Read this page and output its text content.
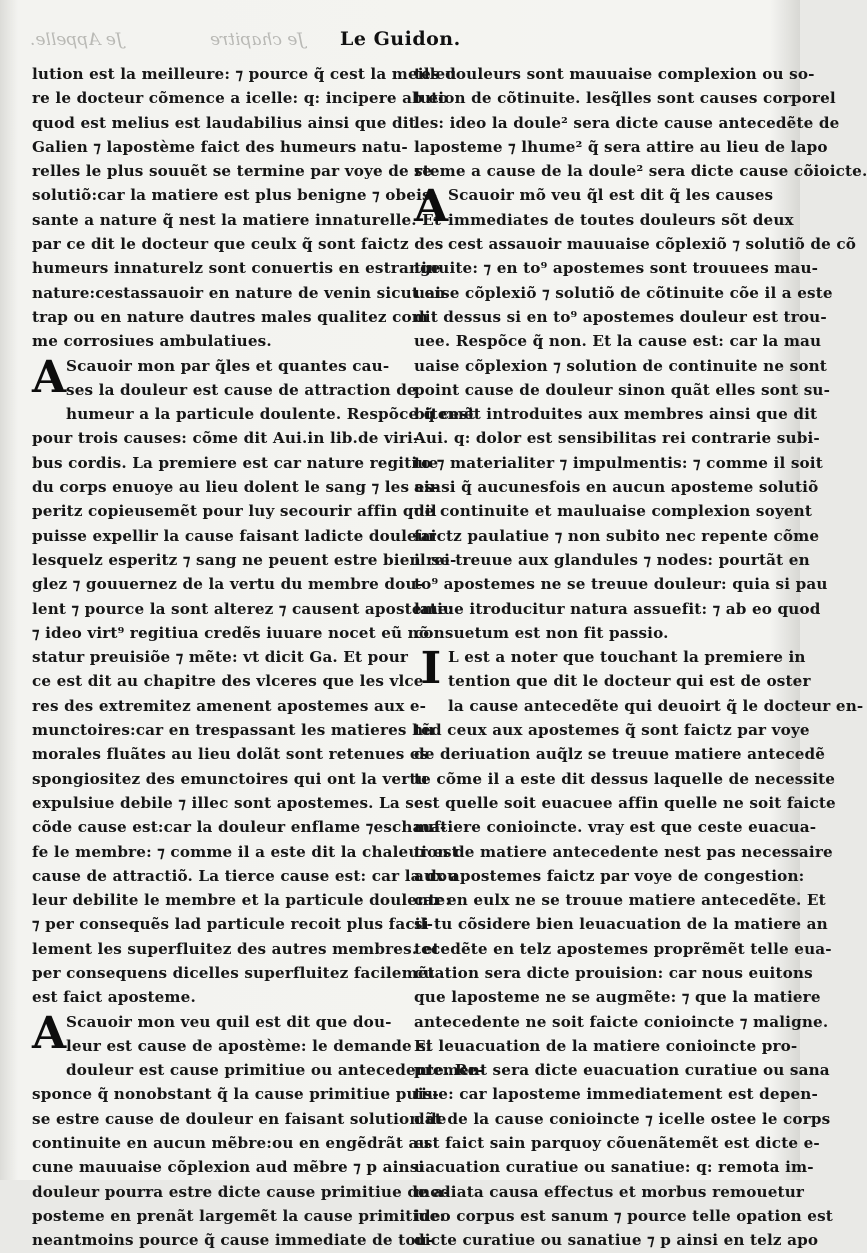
Je Appelle.	Je chapitre Le Guidon.
lution est la meilleure: ⁊ pource q̃ cest la meilleu
re le docteur cõmence a icelle: q: incipere ab eo
quod est melius est laudabilius ainsi que dit
Galien ⁊ lapostème faict des humeurs natu-
relles le plus souuẽt se termine par voye de re
solutiõ:car la matiere est plus benigne ⁊ obeis-
sante a nature q̃ nest la matiere innaturelle. Et
par ce dit le docteur que ceulx q̃ sont faictz des
humeurs innaturelz sont conuertis en estrange
nature:cestassauoir en nature de venin sicut en
trap ou en nature dautres males qualitez com
me corrosiues ambulatiues.
A Scauoir mon par q̃les et quantes cau-
ses la douleur est cause de attraction de
humeur a la particule doulente. Respõce q̃ cest
pour trois causes: cõme dit Aui.in lib.de viri-
bus cordis. La premiere est car nature regitiue
du corps enuoye au lieu dolent le sang ⁊ les es-
peritz copieusemẽt pour luy secourir affin quil
puisse expellir la cause faisant ladicte douleur
lesquelz esperitz ⁊ sang ne peuent estre bien rei-
glez ⁊ gouuernez de la vertu du membre dou-
lent ⁊ pource la sont alterez ⁊ causent aposteme:
⁊ ideo virt⁹ regitiua credẽs iuuare nocet eũ nõ
statur preuisiõe ⁊ mẽte: vt dicit Ga. Et pour
ce est dit au chapitre des vlceres que les vlce-
res des extremitez amenent apostemes aux e-
munctoires:car en trespassant les matieres hu
morales fluãtes au lieu dolãt sont retenues es
spongiositez des emunctoires qui ont la vertu
expulsiue debile ⁊ illec sont apostemes. La se-
cõde cause est:car la douleur enflame ⁊eschauf-
fe le membre: ⁊ comme il a este dit la chaleur est
cause de attractiõ. La tierce cause est: car la dou
leur debilite le membre et la particule doulente:
⁊ per consequẽs lad particule recoit plus facil-
lement les superfluitez des autres membres. et
per consequens dicelles superfluitez facilemẽt
est faict aposteme.
A Scauoir mon veu quil est dit que dou-
leur est cause de apostème: le demande si
douleur est cause primitiue ou antecedente. Re-
sponce q̃ nonobstant q̃ la cause primitiue puis-
se estre cause de douleur en faisant solution de
continuite en aucun mẽbre:ou en engẽdrãt au
cune mauuaise cõplexion aud mẽbre ⁊ p ainsi
douleur pourra estre dicte cause primitiue de a-
posteme en prenãt largemẽt la cause primitiue:
neantmoins pource q̃ cause immediate de tou-
tes douleurs sont mauuaise complexion ou so-
lution de cõtinuite. lesq̃lles sont causes corporel
les: ideo la doule² sera dicte cause antecedẽte de
laposteme ⁊ lhume² q̃ sera attire au lieu de lapo
steme a cause de la doule² sera dicte cause cõioicte.
A Scauoir mõ veu q̃l est dit q̃ les causes
immediates de toutes douleurs sõt deux
cest assauoir mauuaise cõplexiõ ⁊ solutiõ de cõ
tinuite: ⁊ en to⁹ apostemes sont trouuees mau-
uaise cõplexiõ ⁊ solutiõ de cõtinuite cõe il a este
dit dessus si en to⁹ apostemes douleur est trou-
uee. Respõce q̃ non. Et la cause est: car la mau
uaise cõplexion ⁊ solution de continuite ne sont
point cause de douleur sinon quãt elles sont su-
bitemẽt introduites aux membres ainsi que dit
Aui. q: dolor est sensibilitas rei contrarie subi-
to ⁊ materialiter ⁊ impulmentis: ⁊ comme il soit
ainsi q̃ aucunesfois en aucun aposteme solutiõ
de continuite et mauluaise complexion soyent
faictz paulatiue ⁊ non subito nec repente cõme
il se treuue aux glandules ⁊ nodes: pourtãt en
to⁹ apostemes ne se treuue douleur: quia si pau
latiue itroducitur natura assuefit: ⁊ ab eo quod
consuetum est non fit passio.
I L est a noter que touchant la premiere in
tention que dit le docteur qui est de oster
la cause antecedẽte qui deuoirt q̃ le docteur en-
tẽd ceux aux apostemes q̃ sont faictz par voye
de deriuation auq̃lz se treuue matiere antecedẽ
te cõme il a este dit dessus laquelle de necessite
est quelle soit euacuee affin quelle ne soit faicte
matiere conioincte. vray est que ceste euacua-
tion de matiere antecedente nest pas necessaire
aux apostemes faictz par voye de congestion:
car en eulx ne se trouue matiere antecedẽte. Et
si tu cõsidere bien leuacuation de la matiere an
tecedẽte en telz apostemes proprẽmẽt telle eua-
cuation sera dicte prouision: car nous euitons
que laposteme ne se augmẽte: ⁊ que la matiere
antecedente ne soit faicte conioincte ⁊ maligne.
Et leuacuation de la matiere conioincte pro-
prement sera dicte euacuation curatiue ou sana
tiue: car laposteme immediatement est depen-
dãt de la cause conioincte ⁊ icelle ostee le corps
est faict sain parquoy cõuenãtemẽt est dicte e-
uacuation curatiue ou sanatiue: q: remota im-
mediata causa effectus et morbus remouetur
ideo corpus est sanum ⁊ pource telle opation est
dicte curatiue ou sanatiue ⁊ p ainsi en telz apo
